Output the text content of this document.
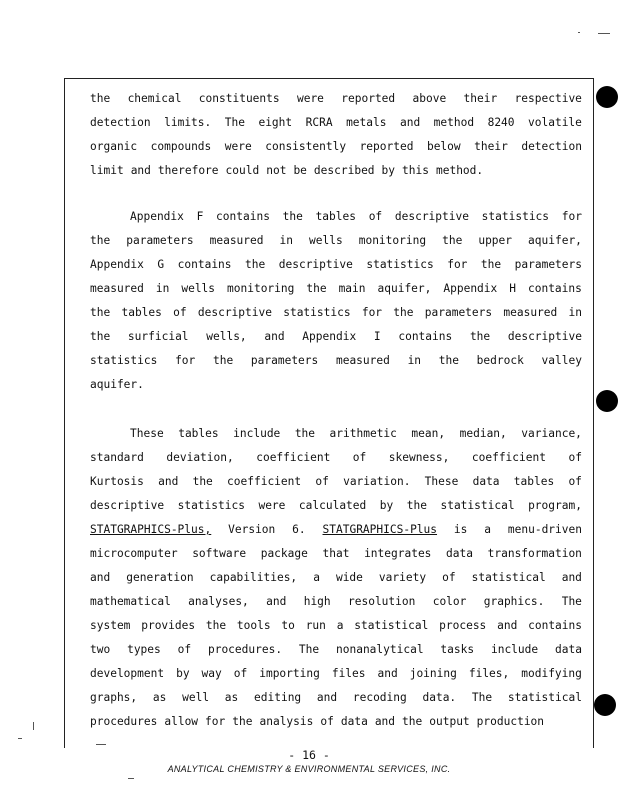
the chemical constituents were reported above their respective
detection limits. The eight RCRA metals and method 8240 volatile
organic compounds were consistently reported below their detection
limit and therefore could not be described by this method.
Appendix F contains the tables of descriptive statistics for
the parameters measured in wells monitoring the upper aquifer,
Appendix G contains the descriptive statistics for the parameters
measured in wells monitoring the main aquifer, Appendix H contains
the tables of descriptive statistics for the parameters measured in
the surficial wells, and Appendix I contains the descriptive
statistics for the parameters measured in the bedrock valley
aquifer.
These tables include the arithmetic mean, median, variance,
standard deviation, coefficient of skewness, coefficient of
Kurtosis and the coefficient of variation. These data tables of
descriptive statistics were calculated by the statistical program,
STATGRAPHICS-Plus, Version 6. STATGRAPHICS-Plus is a menu-driven
microcomputer software package that integrates data transformation
and generation capabilities, a wide variety of statistical and
mathematical analyses, and high resolution color graphics. The
system provides the tools to run a statistical process and contains
two types of procedures. The nonanalytical tasks include data
development by way of importing files and joining files, modifying
graphs, as well as editing and recoding data. The statistical
procedures allow for the analysis of data and the output production
- 16 -
ANALYTICAL CHEMISTRY & ENVIRONMENTAL SERVICES, INC.
